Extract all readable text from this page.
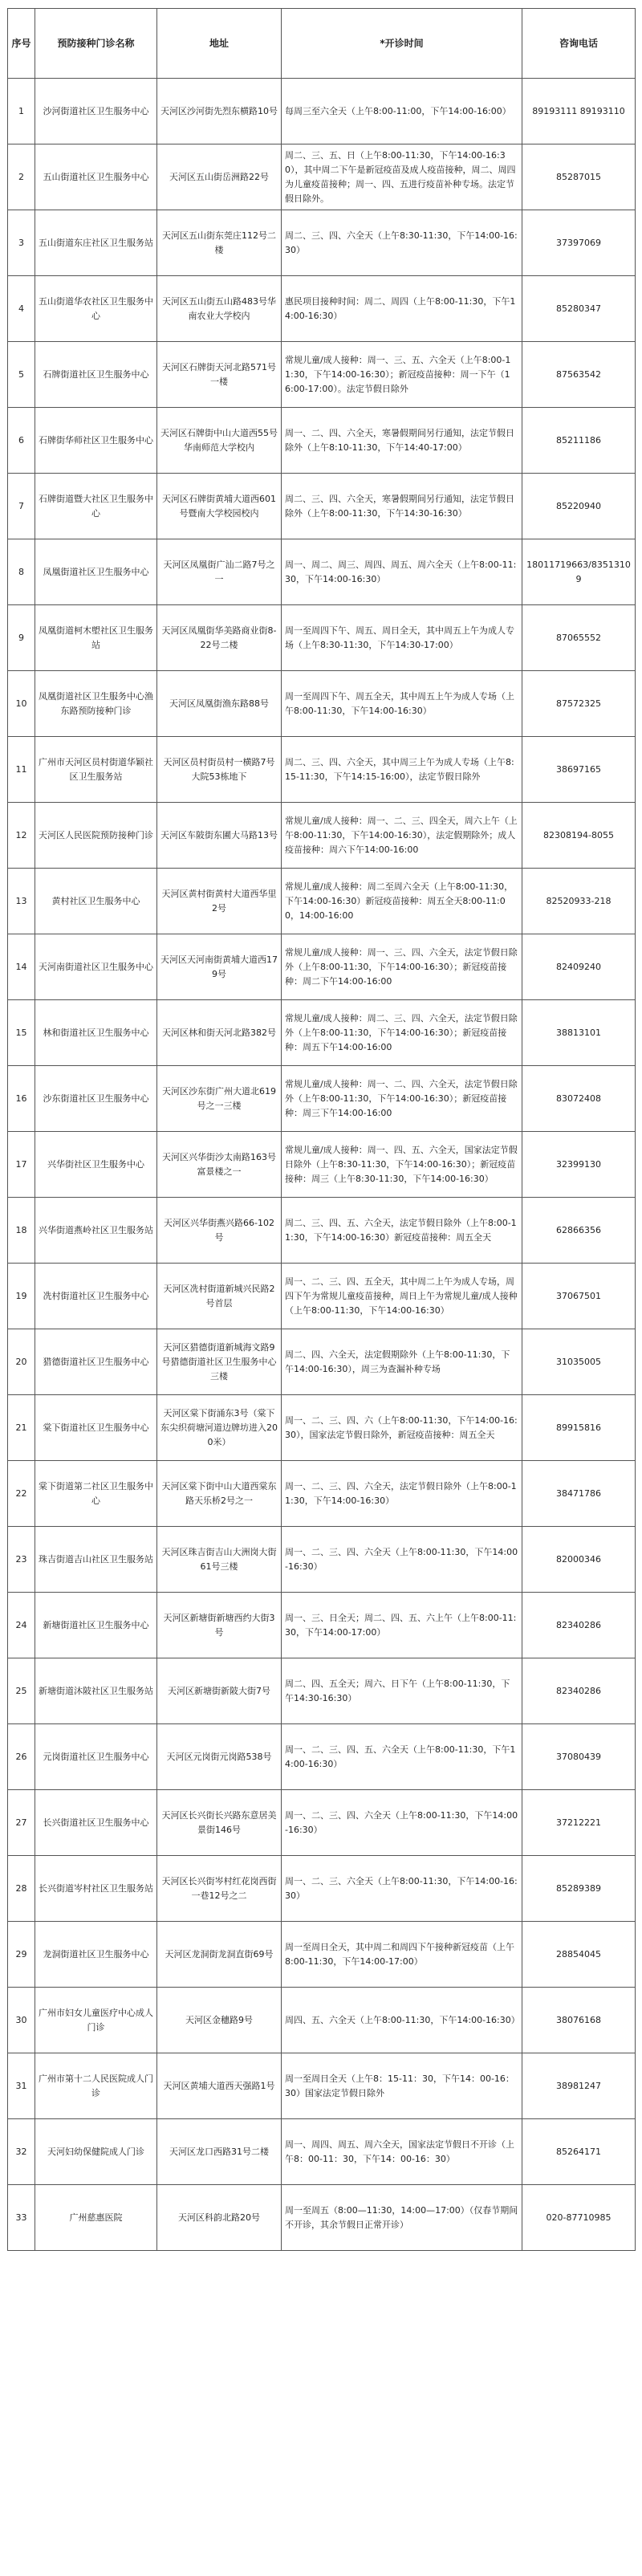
序号	预防接种门诊名称	地址	*开诊时间	咨询电话
1	沙河街道社区卫生服务中心	天河区沙河街先烈东横路10号	每周三至六全天（上午8:00-11:00，下午14:00-16:00）	89193111 89193110
2	五山街道社区卫生服务中心	天河区五山街岳洲路22号	周二、三、五、日（上午8:00-11:30，下午14:00-16:30），其中周二下午是新冠疫苗及成人疫苗接种，周二、周四为儿童疫苗接种；周一、四、五进行疫苗补种专场。法定节假日除外。	85287015
3	五山街道东庄社区卫生服务站	天河区五山街东莞庄112号二楼	周二、三、四、六全天（上午8:30-11:30，下午14:00-16:30）	37397069
4	五山街道华农社区卫生服务中心	天河区五山街五山路483号华南农业大学校内	惠民项目接种时间：周二、周四（上午8:00-11:30，下午14:00-16:30）	85280347
5	石牌街道社区卫生服务中心	天河区石牌街天河北路571号一楼	常规儿童/成人接种：周一、三、五、六全天（上午8:00-11:30，下午14:00-16:30）；新冠疫苗接种：周一下午（16:00-17:00）。法定节假日除外	87563542
6	石牌街华师社区卫生服务中心	天河区石牌街中山大道西55号华南师范大学校内	周一、二、四、六全天，寒暑假期间另行通知，法定节假日除外（上午8:10-11:30，下午14:40-17:00）	85211186
7	石牌街道暨大社区卫生服务中心	天河区石牌街黄埔大道西601号暨南大学校园校内	周二、三、四、六全天，寒暑假期间另行通知，法定节假日除外（上午8:00-11:30，下午14:30-16:30）	85220940
8	凤凰街道社区卫生服务中心	天河区凤凰街广汕二路7号之一	周一、周二、周三、周四、周五、周六全天（上午8:00-11:30，下午14:00-16:30）	18011719663/83513109
9	凤凰街道柯木塱社区卫生服务站	天河区凤凰街华美路商业街8-22号二楼	周一至周四下午、周五、周日全天，其中周五上午为成人专场（上午8:30-11:30，下午14:30-17:00）	87065552
10	凤凰街道社区卫生服务中心渔东路预防接种门诊	天河区凤凰街渔东路88号	周一至周四下午、周五全天，其中周五上午为成人专场（上午8:00-11:30，下午14:00-16:30）	87572325
11	广州市天河区员村街道华颖社区卫生服务站	天河区员村街员村一横路7号大院53栋地下	周二、三、四、六全天，其中周三上午为成人专场（上午8:15-11:30，下午14:15-16:00），法定节假日除外	38697165
12	天河区人民医院预防接种门诊	天河区车陂街东圃大马路13号	常规儿童/成人接种：周一、二、三、四全天，周六上午（上午8:00-11:30，下午14:00-16:30），法定假期除外；成人疫苗接种：周六下午14:00-16:00	82308194-8055
13	黄村社区卫生服务中心	天河区黄村街黄村大道西华里2号	常规儿童/成人接种：周二至周六全天（上午8:00-11:30，下午14:00-16:30）新冠疫苗接种：周五全天8:00-11:00，14:00-16:00	82520933-218
14	天河南街道社区卫生服务中心	天河区天河南街黄埔大道西179号	常规儿童/成人接种：周一、三、四、六全天，法定节假日除外（上午8:00-11:30，下午14:00-16:30）；新冠疫苗接种：周二下午14:00-16:00	82409240
15	林和街道社区卫生服务中心	天河区林和街天河北路382号	常规儿童/成人接种：周二、三、四、六全天，法定节假日除外（上午8:00-11:30，下午14:00-16:30）；新冠疫苗接种：周五下午14:00-16:00	38813101
16	沙东街道社区卫生服务中心	天河区沙东街广州大道北619号之一三楼	常规儿童/成人接种：周一、二、四、六全天，法定节假日除外（上午8:00-11:30，下午14:00-16:30）；新冠疫苗接种：周三下午14:00-16:00	83072408
17	兴华街社区卫生服务中心	天河区兴华街沙太南路163号富景楼之一	常规儿童/成人接种：周一、四、五、六全天，国家法定节假日除外（上午8:30-11:30，下午14:00-16:30）；新冠疫苗接种：周三（上午8:30-11:30，下午14:00-16:30）	32399130
18	兴华街道燕岭社区卫生服务站	天河区兴华街燕兴路66-102号	周二、三、四、五、六全天，法定节假日除外（上午8:00-11:30，下午14:00-16:30）新冠疫苗接种：周五全天	62866356
19	冼村街道社区卫生服务中心	天河区冼村街道新城兴民路2号首层	周一、二、三、四、五全天，其中周二上午为成人专场，周四下午为常规儿童疫苗接种，周日上午为常规儿童/成人接种（上午8:00-11:30，下午14:00-16:30）	37067501
20	猎德街道社区卫生服务中心	天河区猎德街道新城海文路9号猎德街道社区卫生服务中心三楼	周二、四、六全天，法定假期除外（上午8:00-11:30，下午14:00-16:30），周三为查漏补种专场	31035005
21	棠下街道社区卫生服务中心	天河区棠下街涌东3号（棠下东尖织荷塘河道边牌坊进入200米）	周一、二、三、四、六（上午8:00-11:30，下午14:00-16:30），国家法定节假日除外，新冠疫苗接种：周五全天	89915816
22	棠下街道第二社区卫生服务中心	天河区棠下街中山大道西棠东路天乐桥2号之一	周一、二、三、四、六全天，法定节假日除外（上午8:00-11:30，下午14:00-16:30）	38471786
23	珠吉街道吉山社区卫生服务站	天河区珠吉街吉山大洲岗大街61号三楼	周一、二、三、四、六全天（上午8:00-11:30，下午14:00-16:30）	82000346
24	新塘街道社区卫生服务中心	天河区新塘街新塘西约大街3号	周一、三、日全天；周二、四、五、六上午（上午8:00-11:30，下午14:00-17:00）	82340286
25	新塘街道沐陂社区卫生服务站	天河区新塘街新陂大街7号	周二、四、五全天；周六、日下午（上午8:00-11:30，下午14:30-16:30）	82340286
26	元岗街道社区卫生服务中心	天河区元岗街元岗路538号	周一、二、三、四、五、六全天（上午8:00-11:30，下午14:00-16:30）	37080439
27	长兴街道社区卫生服务中心	天河区长兴街长兴路东意居美景街146号	周一、二、三、四、六全天（上午8:00-11:30，下午14:00-16:30）	37212221
28	长兴街道岑村社区卫生服务站	天河区长兴街岑村红花岗西街一巷12号之二	周一、二、三、六全天（上午8:00-11:30，下午14:00-16:30）	85289389
29	龙洞街道社区卫生服务中心	天河区龙洞街龙洞直街69号	周一至周日全天，其中周二和周四下午接种新冠疫苗（上午8:00-11:30，下午14:00-17:00）	28854045
30	广州市妇女儿童医疗中心成人门诊	天河区金穗路9号	周四、五、六全天（上午8:00-11:30，下午14:00-16:30）	38076168
31	广州市第十二人民医院成人门诊	天河区黄埔大道西天强路1号	周一至周日全天（上午8：15-11：30，下午14：00-16：30）国家法定节假日除外	38981247
32	天河妇幼保健院成人门诊	天河区龙口西路31号二楼	周一、周四、周五、周六全天，国家法定节假日不开诊（上午8：00-11：30，下午14：00-16：30）	85264171
33	广州慈惠医院	天河区科韵北路20号	周一至周五（8:00—11:30，14:00—17:00）（仅春节期间不开诊，其余节假日正常开诊）	020-87710985
